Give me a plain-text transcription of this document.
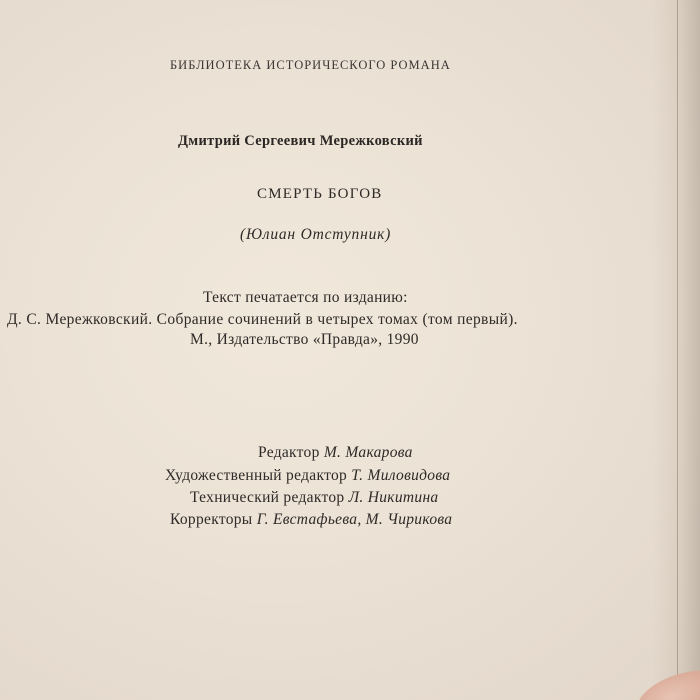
БИБЛИОТЕКА ИСТОРИЧЕСКОГО РОМАНА
Дмитрий Сергеевич Мережковский
СМЕРТЬ БОГОВ
(Юлиан Отступник)
Текст печатается по изданию:
Д. С. Мережковский. Собрание сочинений в четырех томах (том первый).
М., Издательство «Правда», 1990
Редактор М. Макарова
Художественный редактор Т. Миловидова
Технический редактор Л. Никитина
Корректоры Г. Евстафьева, М. Чирикова
